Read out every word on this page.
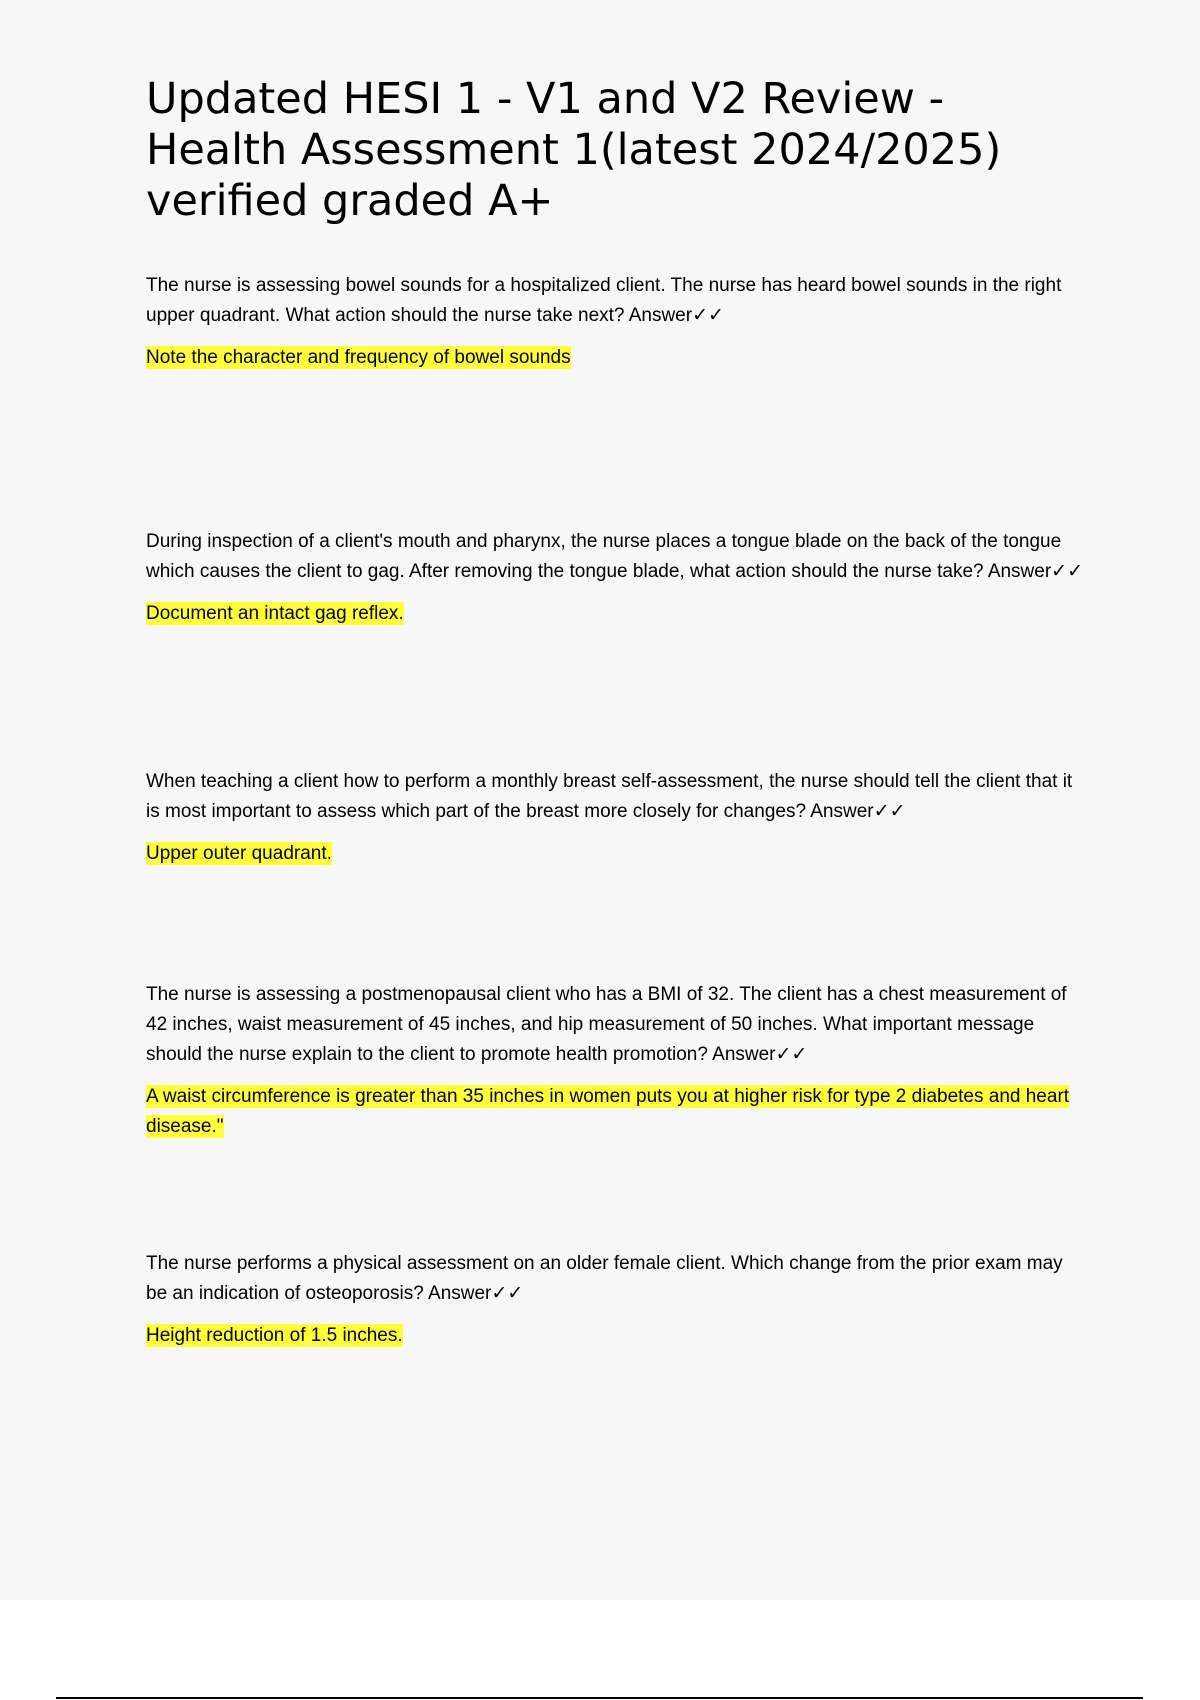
Updated HESI 1 - V1 and V2 Review - Health Assessment 1(latest 2024/2025) verified graded A+

The nurse is assessing bowel sounds for a hospitalized client. The nurse has heard bowel sounds in the right upper quadrant. What action should the nurse take next? Answer✓✓

Note the character and frequency of bowel sounds

During inspection of a client's mouth and pharynx, the nurse places a tongue blade on the back of the tongue which causes the client to gag. After removing the tongue blade, what action should the nurse take? Answer✓✓

Document an intact gag reflex.

When teaching a client how to perform a monthly breast self-assessment, the nurse should tell the client that it is most important to assess which part of the breast more closely for changes? Answer✓✓

Upper outer quadrant.

The nurse is assessing a postmenopausal client who has a BMI of 32. The client has a chest measurement of 42 inches, waist measurement of 45 inches, and hip measurement of 50 inches. What important message should the nurse explain to the client to promote health promotion? Answer✓✓

A waist circumference is greater than 35 inches in women puts you at higher risk for type 2 diabetes and heart disease."

The nurse performs a physical assessment on an older female client. Which change from the prior exam may be an indication of osteoporosis? Answer✓✓

Height reduction of 1.5 inches.
